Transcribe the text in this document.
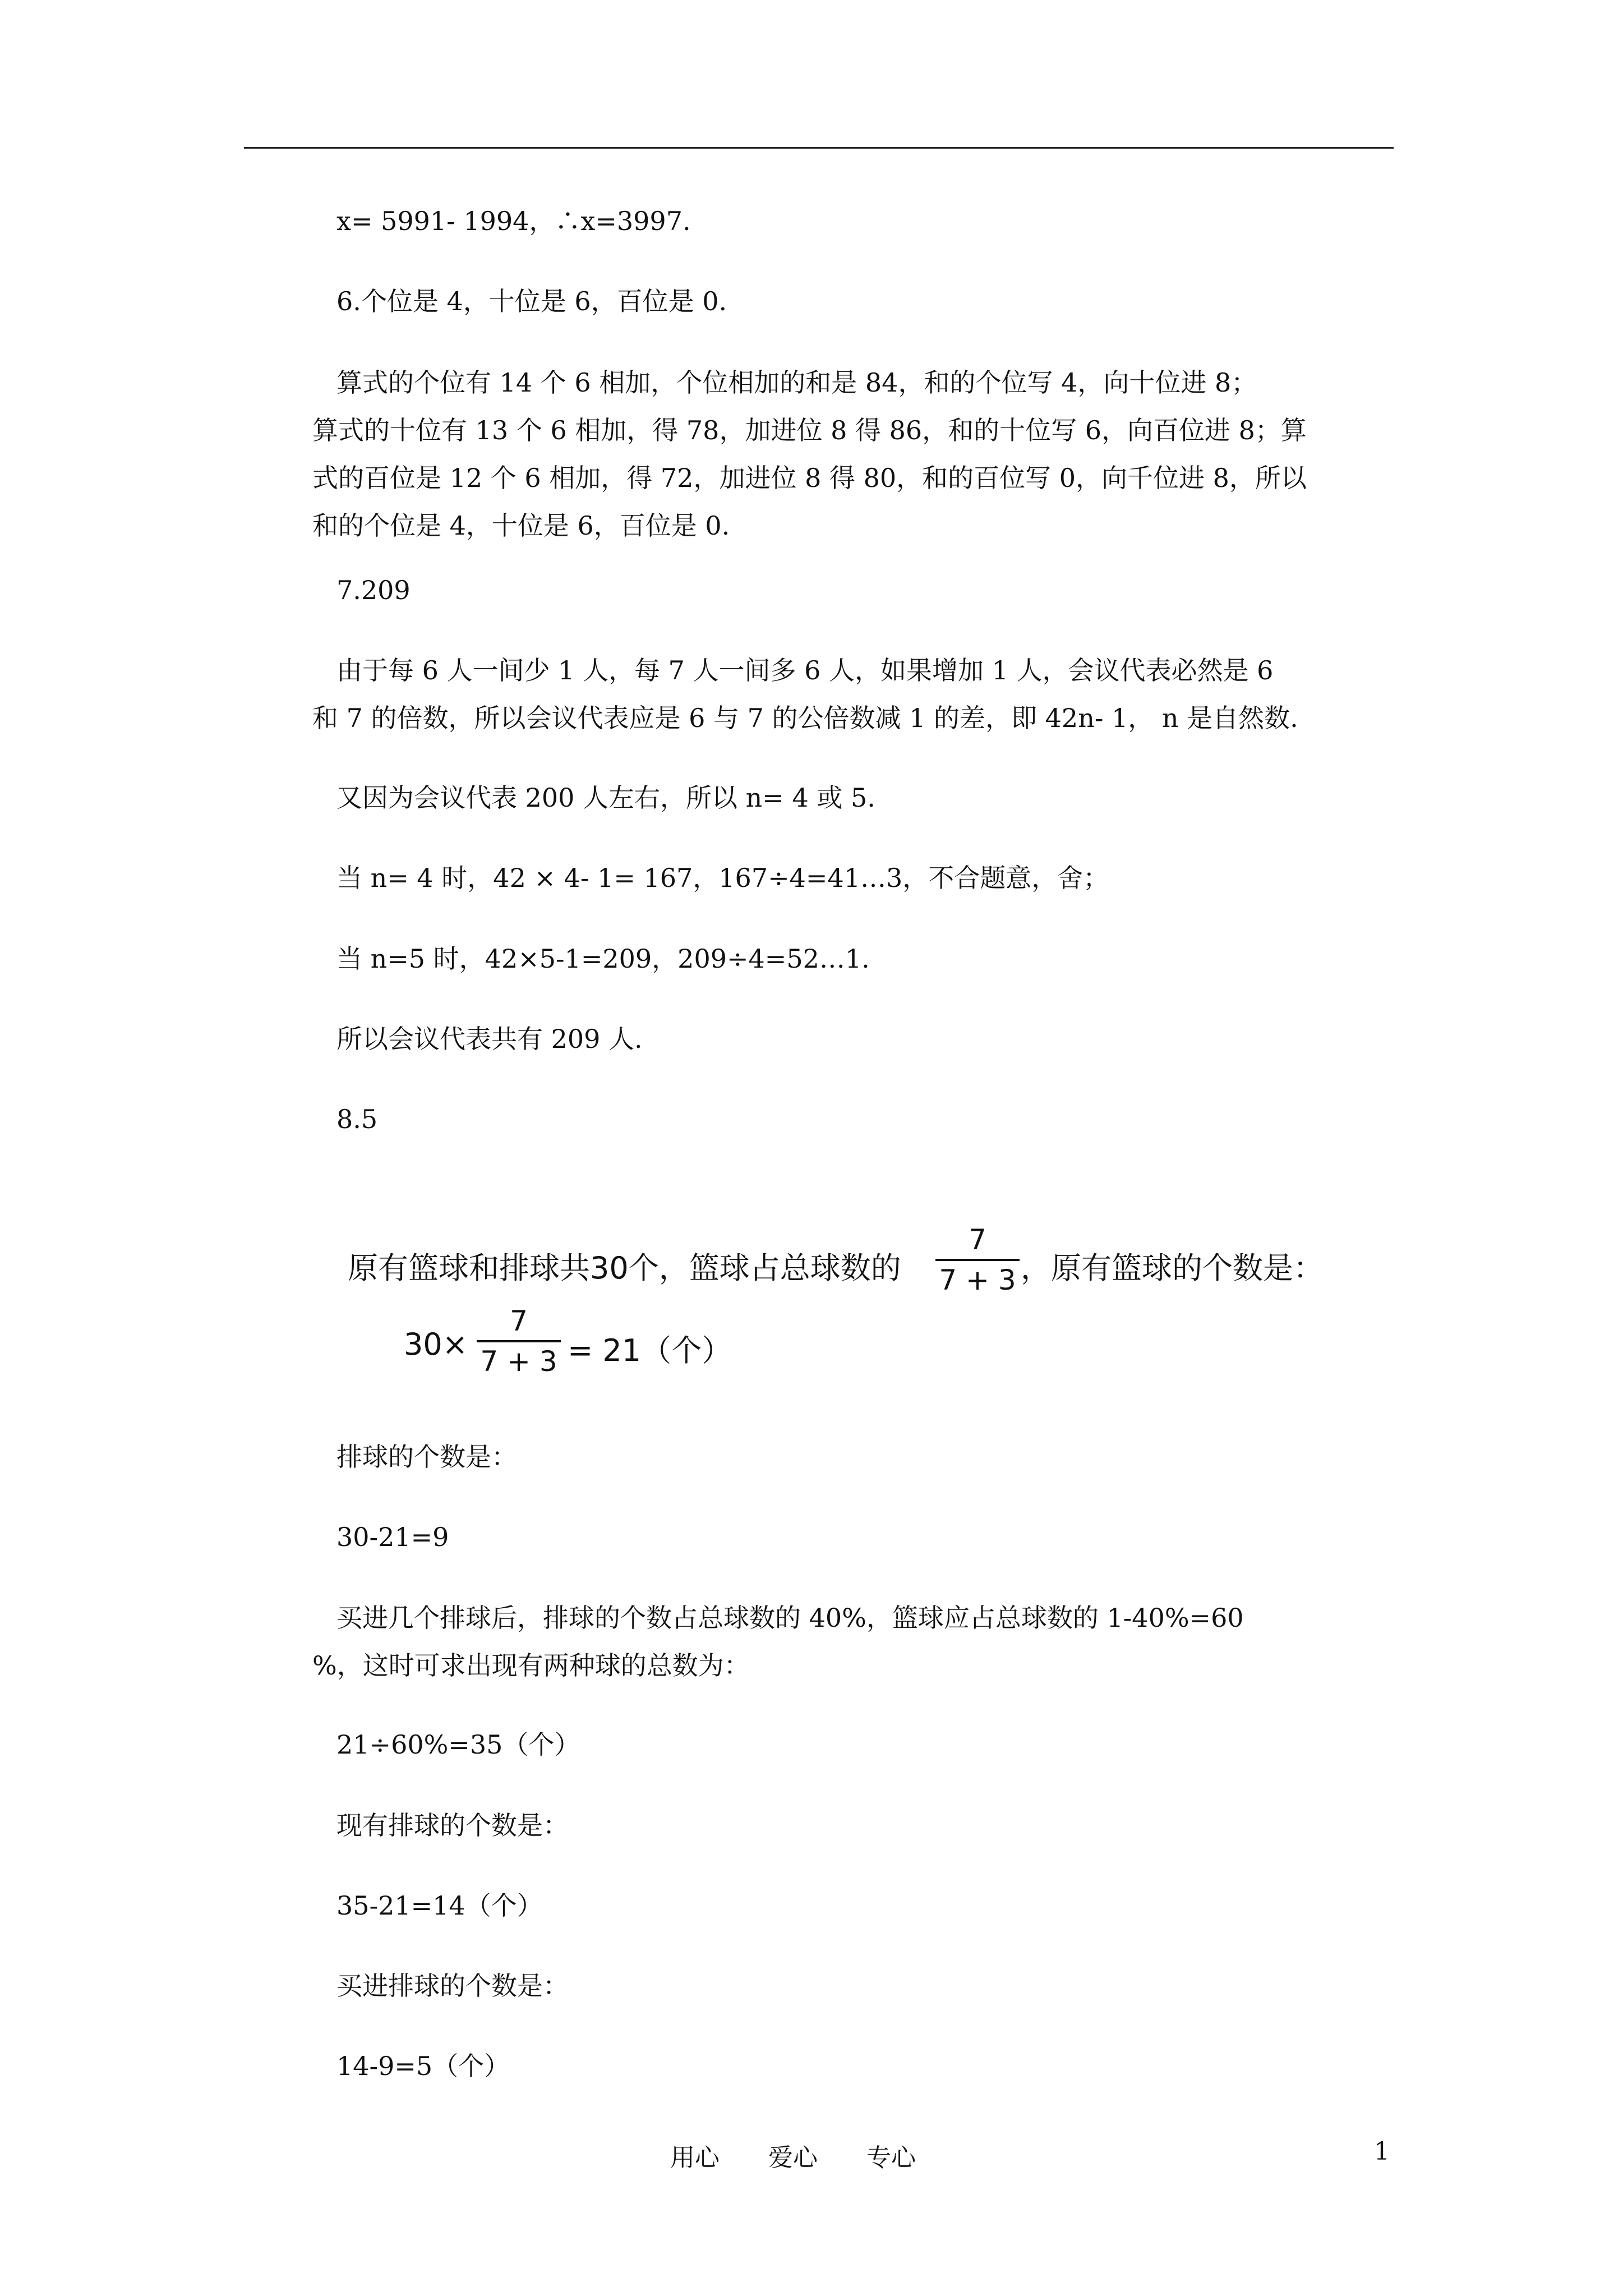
x= 5991- 1994，∴x=3997.
6.个位是 4，十位是 6，百位是 0.
算式的个位有 14 个 6 相加，个位相加的和是 84，和的个位写 4，向十位进 8；
算式的十位有 13 个 6 相加，得 78，加进位 8 得 86，和的十位写 6，向百位进 8；算
式的百位是 12 个 6 相加，得 72，加进位 8 得 80，和的百位写 0，向千位进 8，所以
和的个位是 4，十位是 6，百位是 0.
7.209
由于每 6 人一间少 1 人，每 7 人一间多 6 人，如果增加 1 人，会议代表必然是 6
和 7 的倍数，所以会议代表应是 6 与 7 的公倍数减 1 的差，即 42n- 1， n 是自然数.
又因为会议代表 200 人左右，所以 n= 4 或 5.
当 n= 4 时，42 × 4- 1= 167，167÷4=41…3，不合题意，舍；
当 n=5 时，42×5-1=209，209÷4=52…1.
所以会议代表共有 209 人.
8.5
原有篮球和排球共30个，篮球占总球数的
7
7 + 3 ，原有篮球的个数是：
30×
7
7 + 3 = 21（个）
排球的个数是：
30-21=9
买进几个排球后，排球的个数占总球数的 40%，篮球应占总球数的 1-40%=60
%，这时可求出现有两种球的总数为：
21÷60%=35（个）
现有排球的个数是：
35-21=14（个）
买进排球的个数是：
14-9=5（个）
用心 爱心 专心	1
